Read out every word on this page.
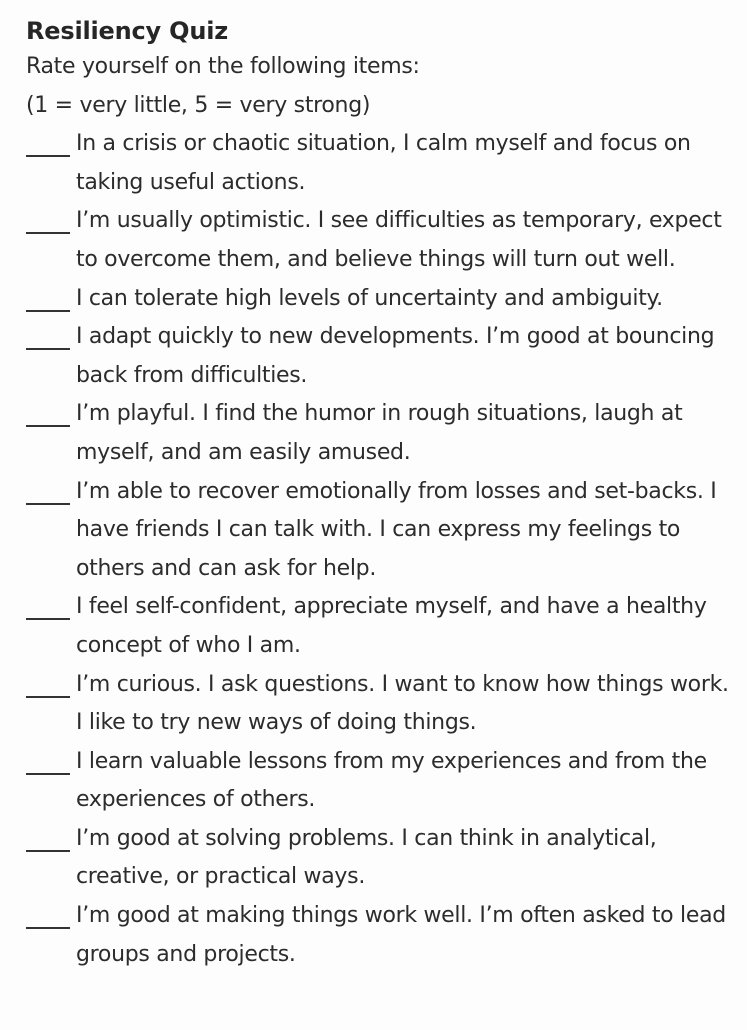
Resiliency Quiz

Rate yourself on the following items:

(1 = very little, 5 = very strong)

In a crisis or chaotic situation, I calm myself and focus on taking useful actions.
I’m usually optimistic. I see difficulties as temporary, expect to overcome them, and believe things will turn out well.
I can tolerate high levels of uncertainty and ambiguity.
I adapt quickly to new developments. I’m good at bouncing back from difficulties.
I’m playful. I find the humor in rough situations, laugh at myself, and am easily amused.
I’m able to recover emotionally from losses and set-backs. I have friends I can talk with. I can express my feelings to others and can ask for help.
I feel self-confident, appreciate myself, and have a healthy concept of who I am.
I’m curious. I ask questions. I want to know how things work. I like to try new ways of doing things.
I learn valuable lessons from my experiences and from the experiences of others.
I’m good at solving problems. I can think in analytical, creative, or practical ways.
I’m good at making things work well. I’m often asked to lead groups and projects.
